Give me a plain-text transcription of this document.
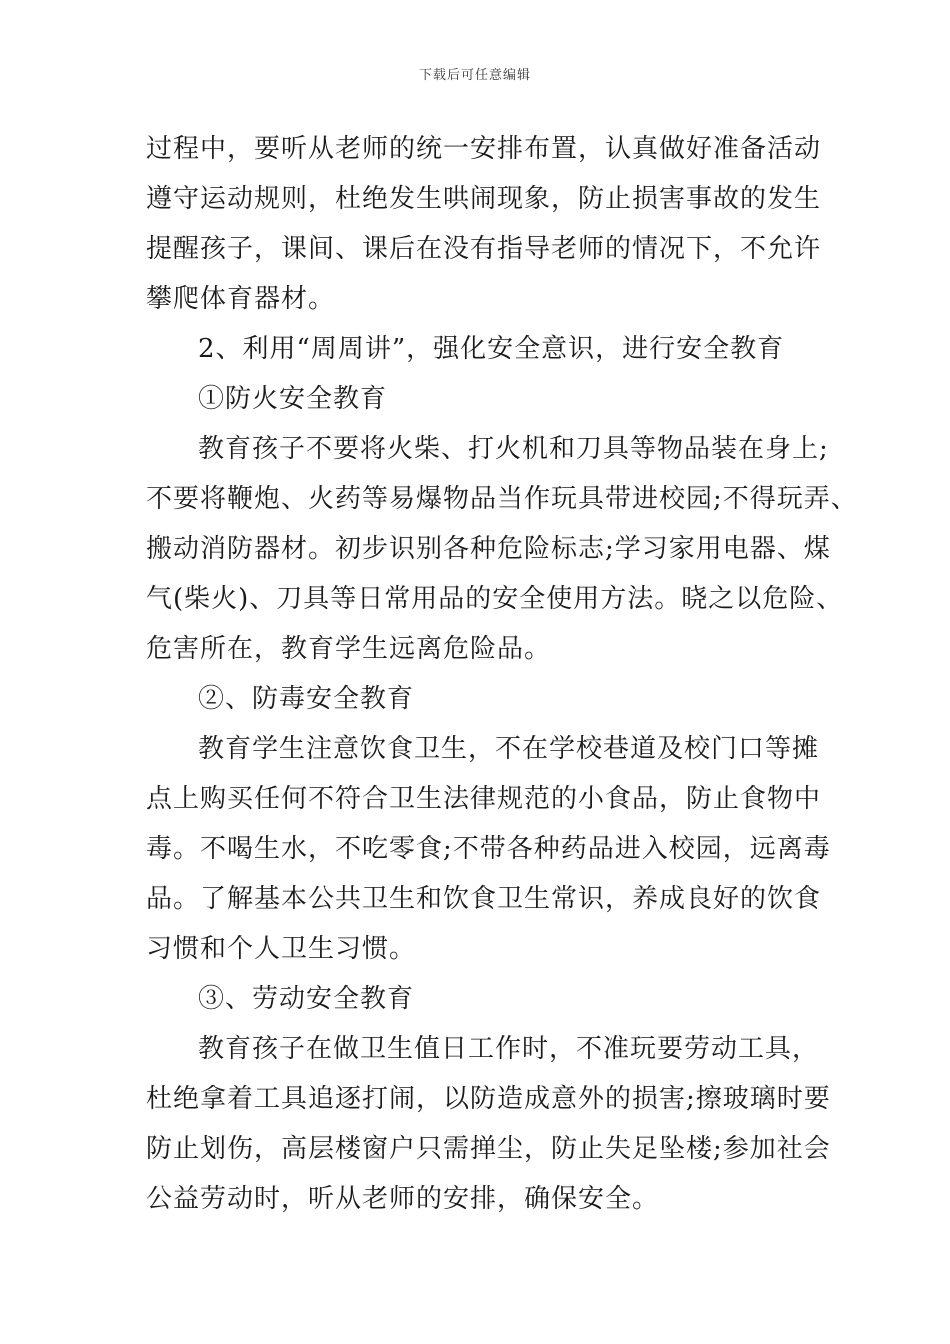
下载后可任意编辑
过程中，要听从老师的统一安排布置，认真做好准备活动
遵守运动规则，杜绝发生哄闹现象，防止损害事故的发生
提醒孩子，课间、课后在没有指导老师的情况下，不允许
攀爬体育器材。
2、利用“周周讲”，强化安全意识，进行安全教育
①防火安全教育
教育孩子不要将火柴、打火机和刀具等物品装在身上;
不要将鞭炮、火药等易爆物品当作玩具带进校园;不得玩弄、
搬动消防器材。初步识别各种危险标志;学习家用电器、煤
气(柴火)、刀具等日常用品的安全使用方法。晓之以危险、
危害所在，教育学生远离危险品。
②、防毒安全教育
教育学生注意饮食卫生，不在学校巷道及校门口等摊
点上购买任何不符合卫生法律规范的小食品，防止食物中
毒。不喝生水，不吃零食;不带各种药品进入校园，远离毒
品。了解基本公共卫生和饮食卫生常识，养成良好的饮食
习惯和个人卫生习惯。
③、劳动安全教育
教育孩子在做卫生值日工作时，不准玩要劳动工具，
杜绝拿着工具追逐打闹，以防造成意外的损害;擦玻璃时要
防止划伤，高层楼窗户只需掸尘，防止失足坠楼;参加社会
公益劳动时，听从老师的安排，确保安全。
